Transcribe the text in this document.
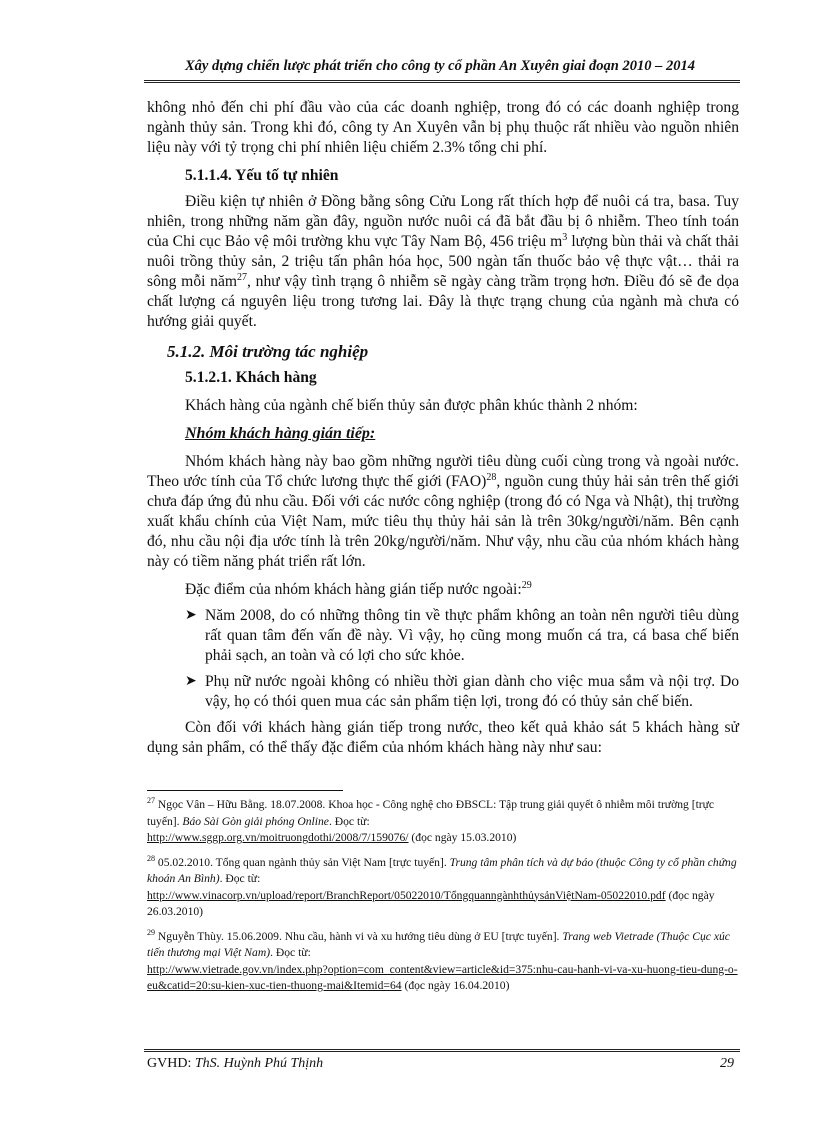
Xây dựng chiến lược phát triển cho công ty cổ phần An Xuyên giai đoạn 2010 – 2014

không nhỏ đến chi phí đầu vào của các doanh nghiệp, trong đó có các doanh nghiệp trong ngành thủy sản. Trong khi đó, công ty An Xuyên vẫn bị phụ thuộc rất nhiều vào nguồn nhiên liệu này với tỷ trọng chi phí nhiên liệu chiếm 2.3% tổng chi phí.

5.1.1.4. Yếu tố tự nhiên

Điều kiện tự nhiên ở Đồng bằng sông Cửu Long rất thích hợp để nuôi cá tra, basa. Tuy nhiên, trong những năm gần đây, nguồn nước nuôi cá đã bắt đầu bị ô nhiễm. Theo tính toán của Chi cục Bảo vệ môi trường khu vực Tây Nam Bộ, 456 triệu $m^3$ lượng bùn thải và chất thải nuôi trồng thủy sản, 2 triệu tấn phân hóa học, 500 ngàn tấn thuốc bảo vệ thực vật… thải ra sông mỗi năm$^{27}$, như vậy tình trạng ô nhiễm sẽ ngày càng trầm trọng hơn. Điều đó sẽ đe dọa chất lượng cá nguyên liệu trong tương lai. Đây là thực trạng chung của ngành mà chưa có hướng giải quyết.

5.1.2. Môi trường tác nghiệp

5.1.2.1. Khách hàng

Khách hàng của ngành chế biến thủy sản được phân khúc thành 2 nhóm:

Nhóm khách hàng gián tiếp:

Nhóm khách hàng này bao gồm những người tiêu dùng cuối cùng trong và ngoài nước. Theo ước tính của Tổ chức lương thực thế giới (FAO)$^{28}$, nguồn cung thủy hải sản trên thế giới chưa đáp ứng đủ nhu cầu. Đối với các nước công nghiệp (trong đó có Nga và Nhật), thị trường xuất khẩu chính của Việt Nam, mức tiêu thụ thủy hải sản là trên 30kg/người/năm. Bên cạnh đó, nhu cầu nội địa ước tính là trên 20kg/người/năm. Như vậy, nhu cầu của nhóm khách hàng này có tiềm năng phát triển rất lớn.

Đặc điểm của nhóm khách hàng gián tiếp nước ngoài:$^{29}$

➤ Năm 2008, do có những thông tin về thực phẩm không an toàn nên người tiêu dùng rất quan tâm đến vấn đề này. Vì vậy, họ cũng mong muốn cá tra, cá basa chế biến phải sạch, an toàn và có lợi cho sức khỏe.
➤ Phụ nữ nước ngoài không có nhiều thời gian dành cho việc mua sắm và nội trợ. Do vậy, họ có thói quen mua các sản phẩm tiện lợi, trong đó có thủy sản chế biến.

Còn đối với khách hàng gián tiếp trong nước, theo kết quả khảo sát 5 khách hàng sử dụng sản phẩm, có thể thấy đặc điểm của nhóm khách hàng này như sau:

$^{27}$ Ngọc Vân – Hữu Bằng. 18.07.2008. Khoa học - Công nghệ cho ĐBSCL: Tập trung giải quyết ô nhiễm môi trường [trực tuyến]. Báo Sài Gòn giải phóng Online. Đọc từ:
http://www.sggp.org.vn/moitruongdothi/2008/7/159076/ (đọc ngày 15.03.2010)

$^{28}$ 05.02.2010. Tổng quan ngành thủy sản Việt Nam [trực tuyến]. Trung tâm phân tích và dự báo (thuộc Công ty cổ phần chứng khoán An Bình). Đọc từ:
http://www.vinacorp.vn/upload/report/BranchReport/05022010/TổngquanngànhthủysảnViệtNam-05022010.pdf (đọc ngày 26.03.2010)

$^{29}$ Nguyễn Thùy. 15.06.2009. Nhu cầu, hành vi và xu hướng tiêu dùng ở EU [trực tuyến]. Trang web Vietrade (Thuộc Cục xúc tiến thương mại Việt Nam). Đọc từ:
http://www.vietrade.gov.vn/index.php?option=com_content&view=article&id=375:nhu-cau-hanh-vi-va-xu-huong-tieu-dung-o-eu&catid=20:su-kien-xuc-tien-thuong-mai&Itemid=64 (đọc ngày 16.04.2010)

GVHD: ThS. Huỳnh Phú Thịnh	29
